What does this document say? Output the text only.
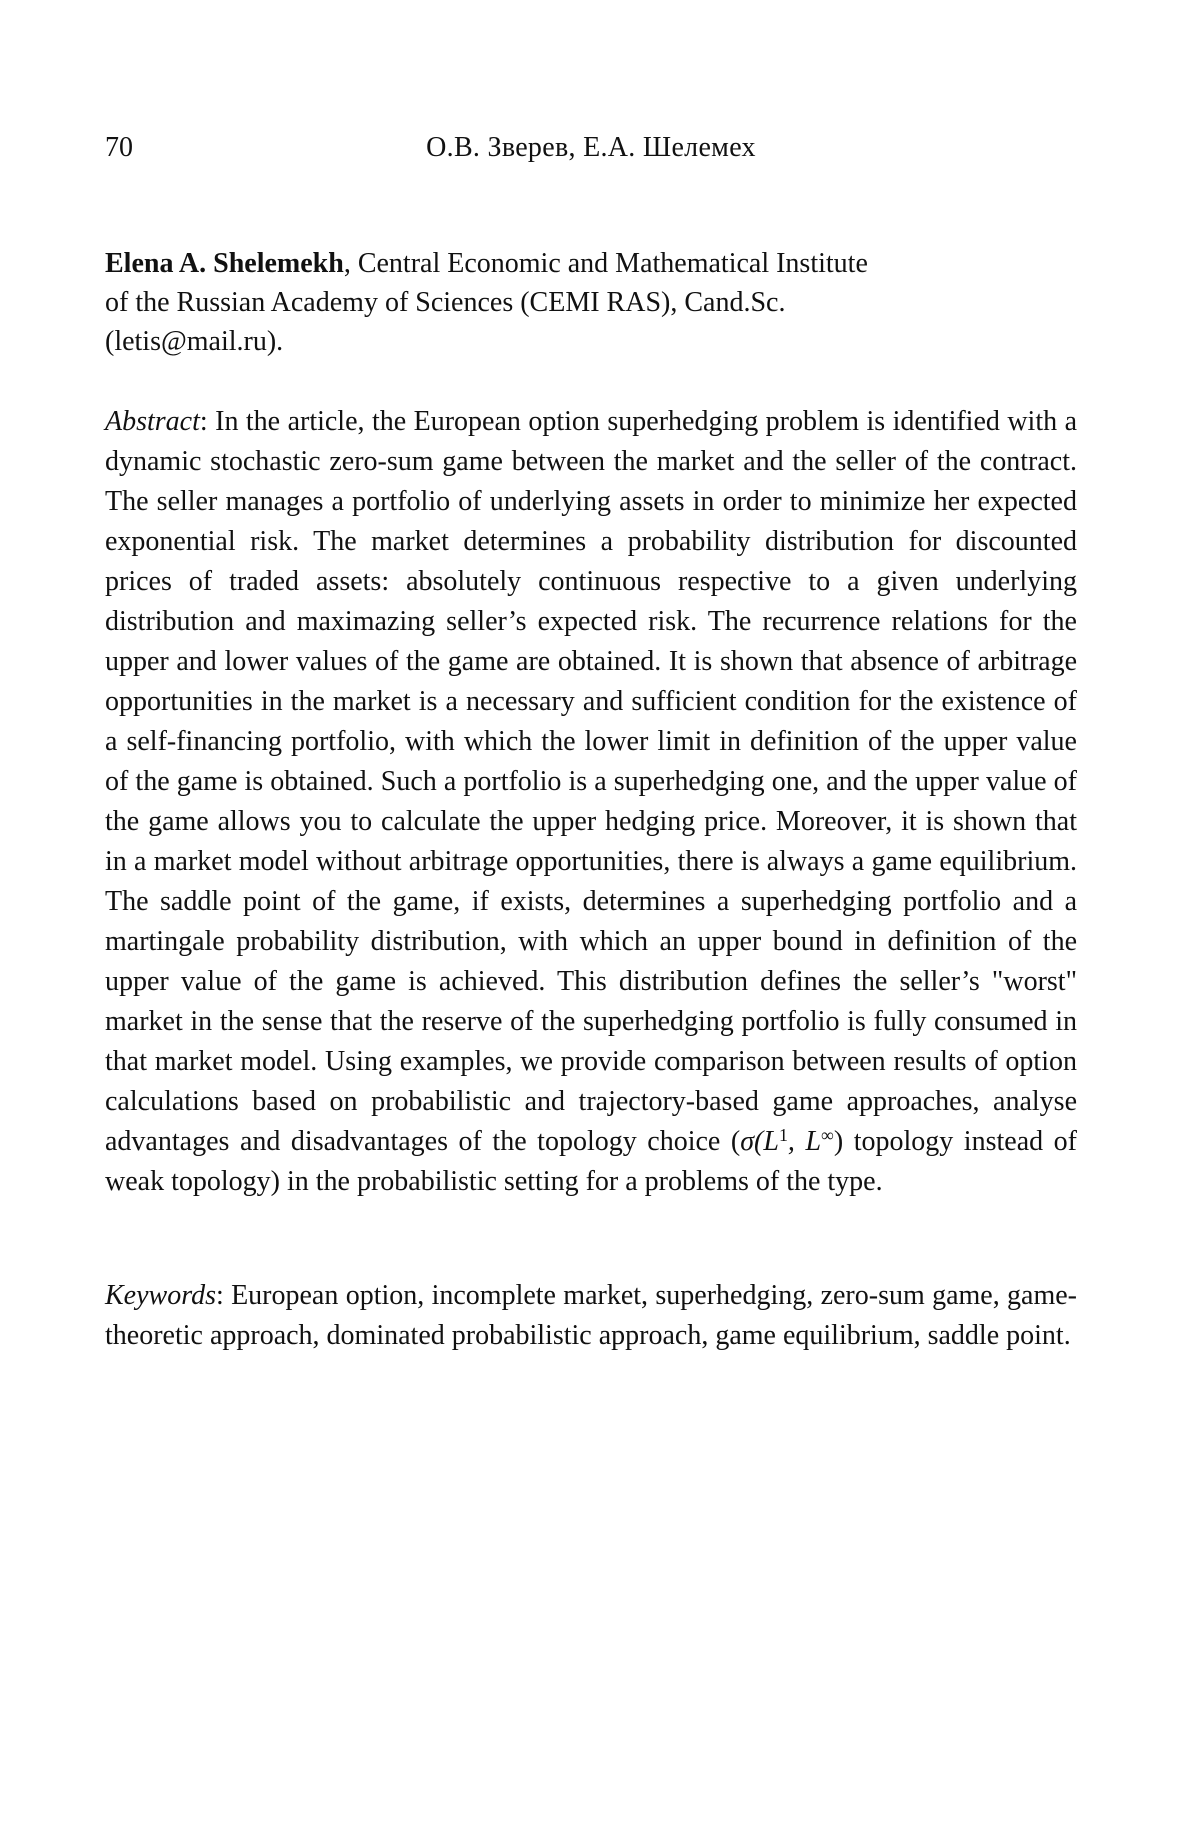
70	О.В. Зверев, Е.А. Шелемех
Elena A. Shelemekh, Central Economic and Mathematical Institute
of the Russian Academy of Sciences (CEMI RAS), Cand.Sc.
(letis@mail.ru).

Abstract: In the article, the European option superhedging problem is identified with a dynamic stochastic zero-sum game between the market and the seller of the contract. The seller manages a portfolio of underlying assets in order to minimize her expected exponential risk. The market determines a probability distribution for discounted prices of traded assets: absolutely continuous respective to a given underlying distribution and maximazing seller’s expected risk. The recurrence relations for the upper and lower values of the game are obtained. It is shown that absence of arbitrage opportunities in the market is a necessary and sufficient condition for the existence of a self-financing portfolio, with which the lower limit in definition of the upper value of the game is obtained. Such a portfolio is a superhedging one, and the upper value of the game allows you to calculate the upper hedging price. Moreover, it is shown that in a market model without arbitrage opportunities, there is always a game equilibrium. The saddle point of the game, if exists, determines a superhedging portfolio and a martingale probability distribution, with which an upper bound in definition of the upper value of the game is achieved. This distribution defines the seller’s "worst" market in the sense that the reserve of the superhedging portfolio is fully consumed in that market model. Using examples, we provide comparison between results of option calculations based on probabilistic and trajectory-based game approaches, analyse advantages and disadvantages of the topology choice ($\sigma(L^1$, L∞) topology instead of weak topology) in the probabilistic setting for a problems of the type.

Keywords: European option, incomplete market, superhedging, zero-sum game, game-theoretic approach, dominated probabilistic approach, game equilibrium, saddle point.
